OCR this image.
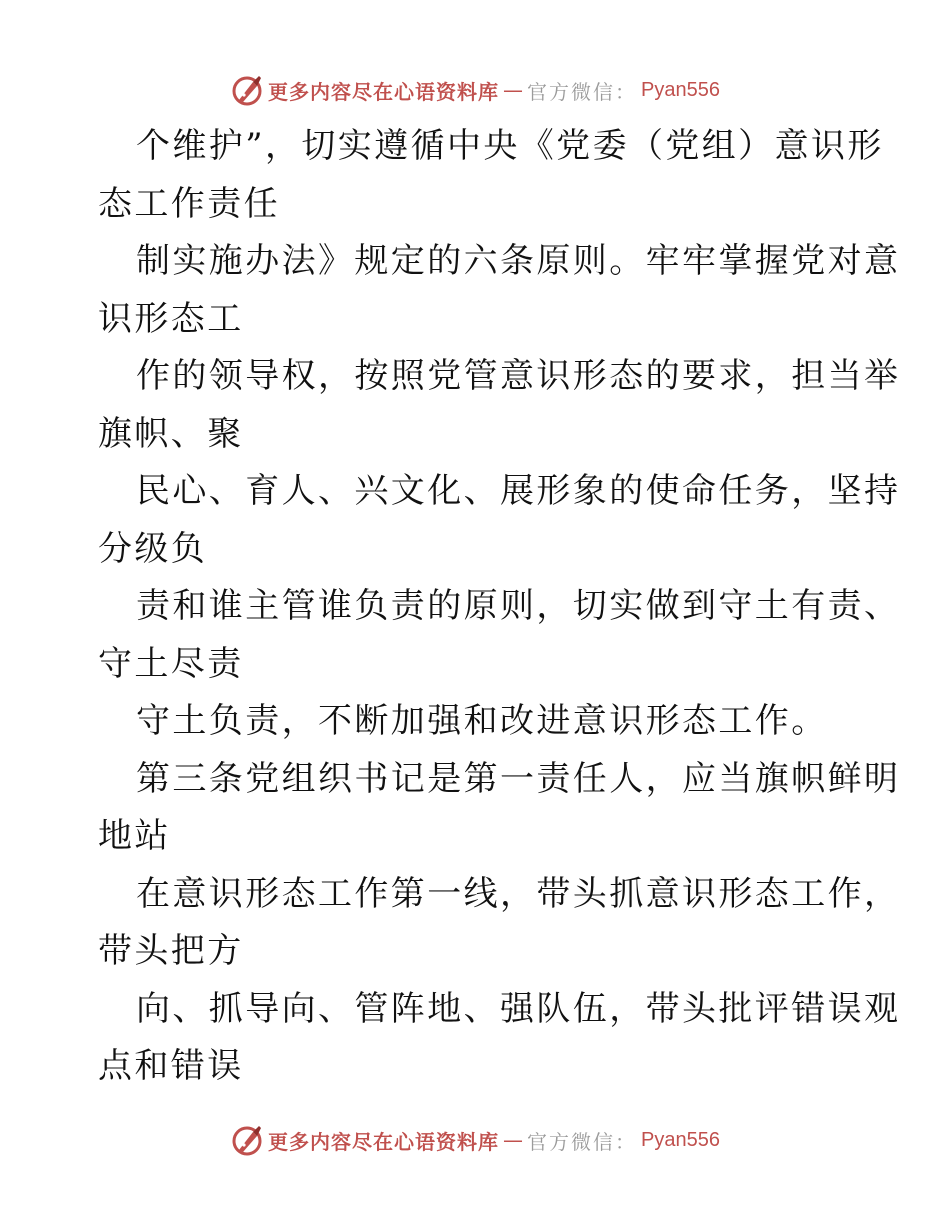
更多内容尽在心语资料库 — 官方微信： Pyan556
个维护”，切实遵循中央《党委（党组）意识形
态工作责任
制实施办法》规定的六条原则。牢牢掌握党对意
识形态工
作的领导权，按照党管意识形态的要求，担当举
旗帜、聚
民心、育人、兴文化、展形象的使命任务，坚持
分级负
责和谁主管谁负责的原则，切实做到守土有责、
守土尽责
守土负责，不断加强和改进意识形态工作。
第三条党组织书记是第一责任人，应当旗帜鲜明
地站
在意识形态工作第一线，带头抓意识形态工作，
带头把方
向、抓导向、管阵地、强队伍，带头批评错误观
点和错误
更多内容尽在心语资料库 — 官方微信： Pyan556
